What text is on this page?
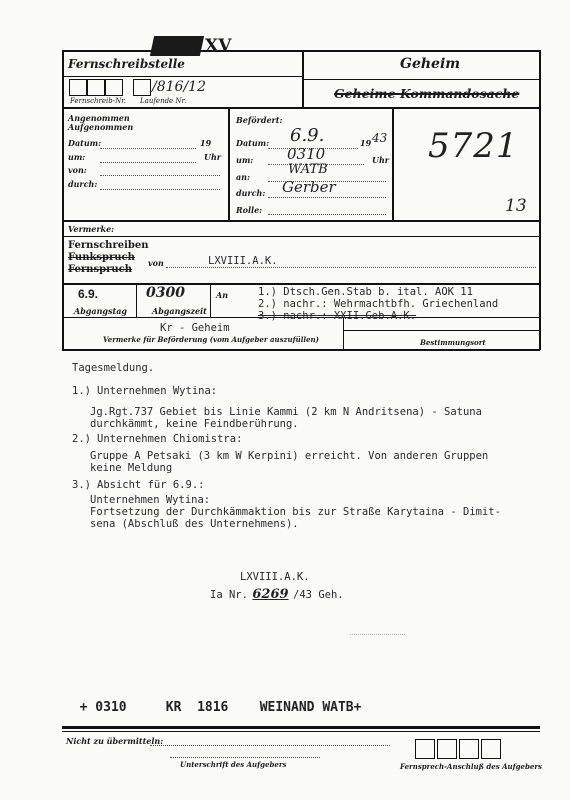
XV
Fernschreibstelle	Geheim
Geheime Kommandosache
/816/12
Fernschreib-Nr. Laufende Nr.
Angenommen
Aufgenommen
Datum:	19
um:	Uhr
von:
durch:
Befördert:
Datum: 6.9.	19 43
um: 0310	Uhr
an:	WATB
durch: Gerber
Rolle:
5721
13
Vermerke:
Fernschreiben
Funkspruch
Fernspruch
von	LXVIII.A.K.
6.9.
Abgangstag
0300
Abgangszeit
An	1.) Dtsch.Gen.Stab b. ital. AOK 11
2.) nachr.: Wehrmachtbfh. Griechenland
3.) nachr.: XXII.Geb.A.K.
Kr - Geheim
Vermerke für Beförderung (vom Aufgeber auszufüllen)	Bestimmungsort
Tagesmeldung.
1.) Unternehmen Wytina:
Jg.Rgt.737 Gebiet bis Linie Kammi (2 km N Andritsena) - Satuna
durchkämmt, keine Feindberührung.
2.) Unternehmen Chiomistra:
Gruppe A Petsaki (3 km W Kerpini) erreicht. Von anderen Gruppen
keine Meldung
3.) Absicht für 6.9.:
Unternehmen Wytina:
Fortsetzung der Durchkämmaktion bis zur Straße Karytaina - Dimit-
sena (Abschluß des Unternehmens).
LXVIII.A.K.
Ia Nr. 6269 /43 Geh.

+ 0310	KR 1816 WEINAND WATB+

Nicht zu übermitteln:
Unterschrift des Aufgebers	Fernsprech-Anschluß des Aufgebers
